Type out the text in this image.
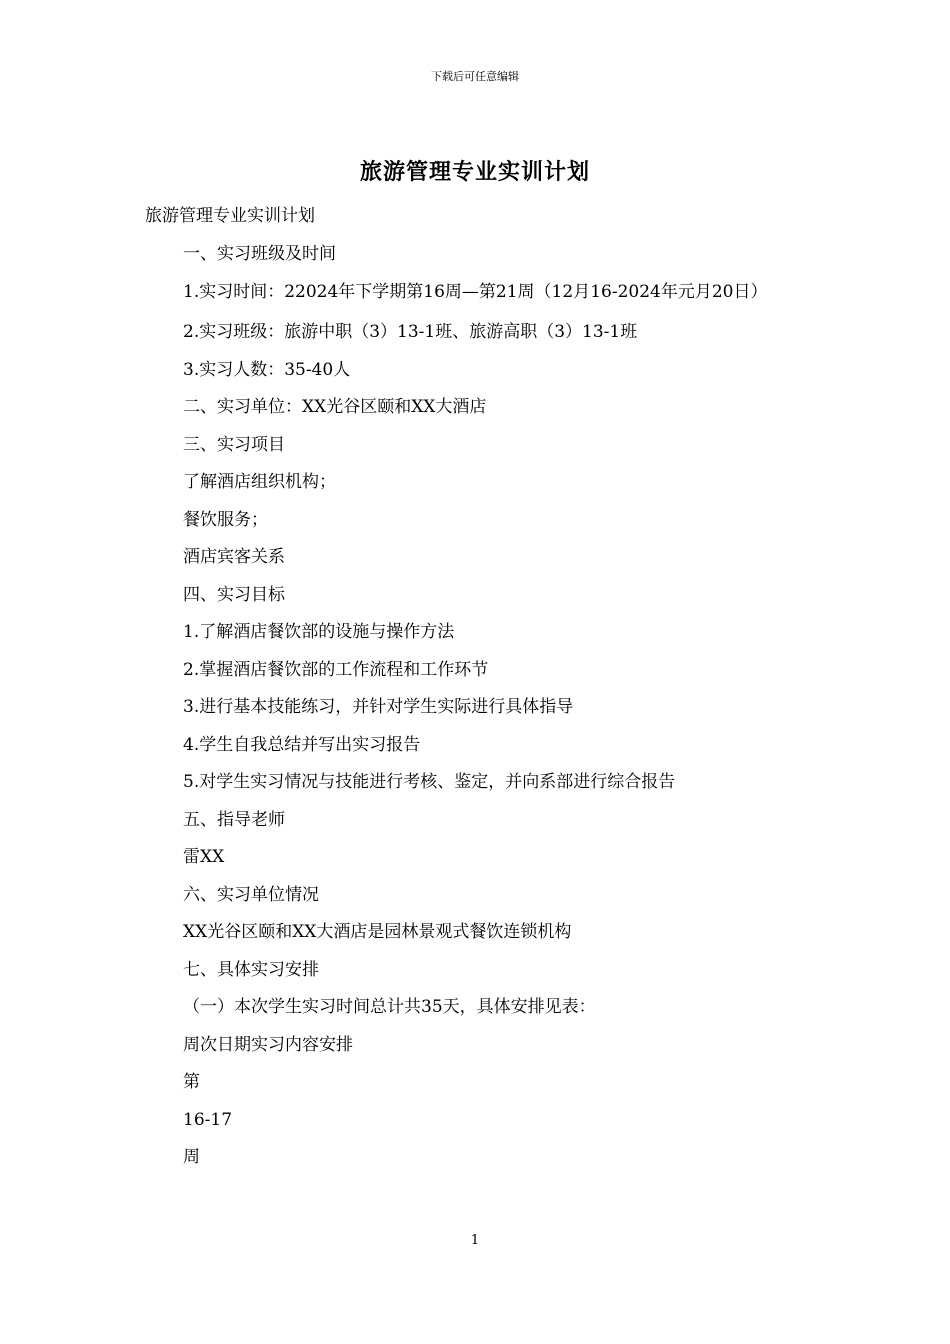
下载后可任意编辑
旅游管理专业实训计划
旅游管理专业实训计划
一、实习班级及时间
1.实习时间：22024年下学期第16周—第21周（12月16-2024年元月20日）
2.实习班级：旅游中职（3）13-1班、旅游高职（3）13-1班
3.实习人数：35-40人
二、实习单位：XX光谷区颐和XX大酒店
三、实习项目
了解酒店组织机构；
餐饮服务；
酒店宾客关系
四、实习目标
1.了解酒店餐饮部的设施与操作方法
2.掌握酒店餐饮部的工作流程和工作环节
3.进行基本技能练习，并针对学生实际进行具体指导
4.学生自我总结并写出实习报告
5.对学生实习情况与技能进行考核、鉴定，并向系部进行综合报告
五、指导老师
雷XX
六、实习单位情况
XX光谷区颐和XX大酒店是园林景观式餐饮连锁机构
七、具体实习安排
（一）本次学生实习时间总计共35天，具体安排见表：
周次日期实习内容安排
第
16-17
周
1
